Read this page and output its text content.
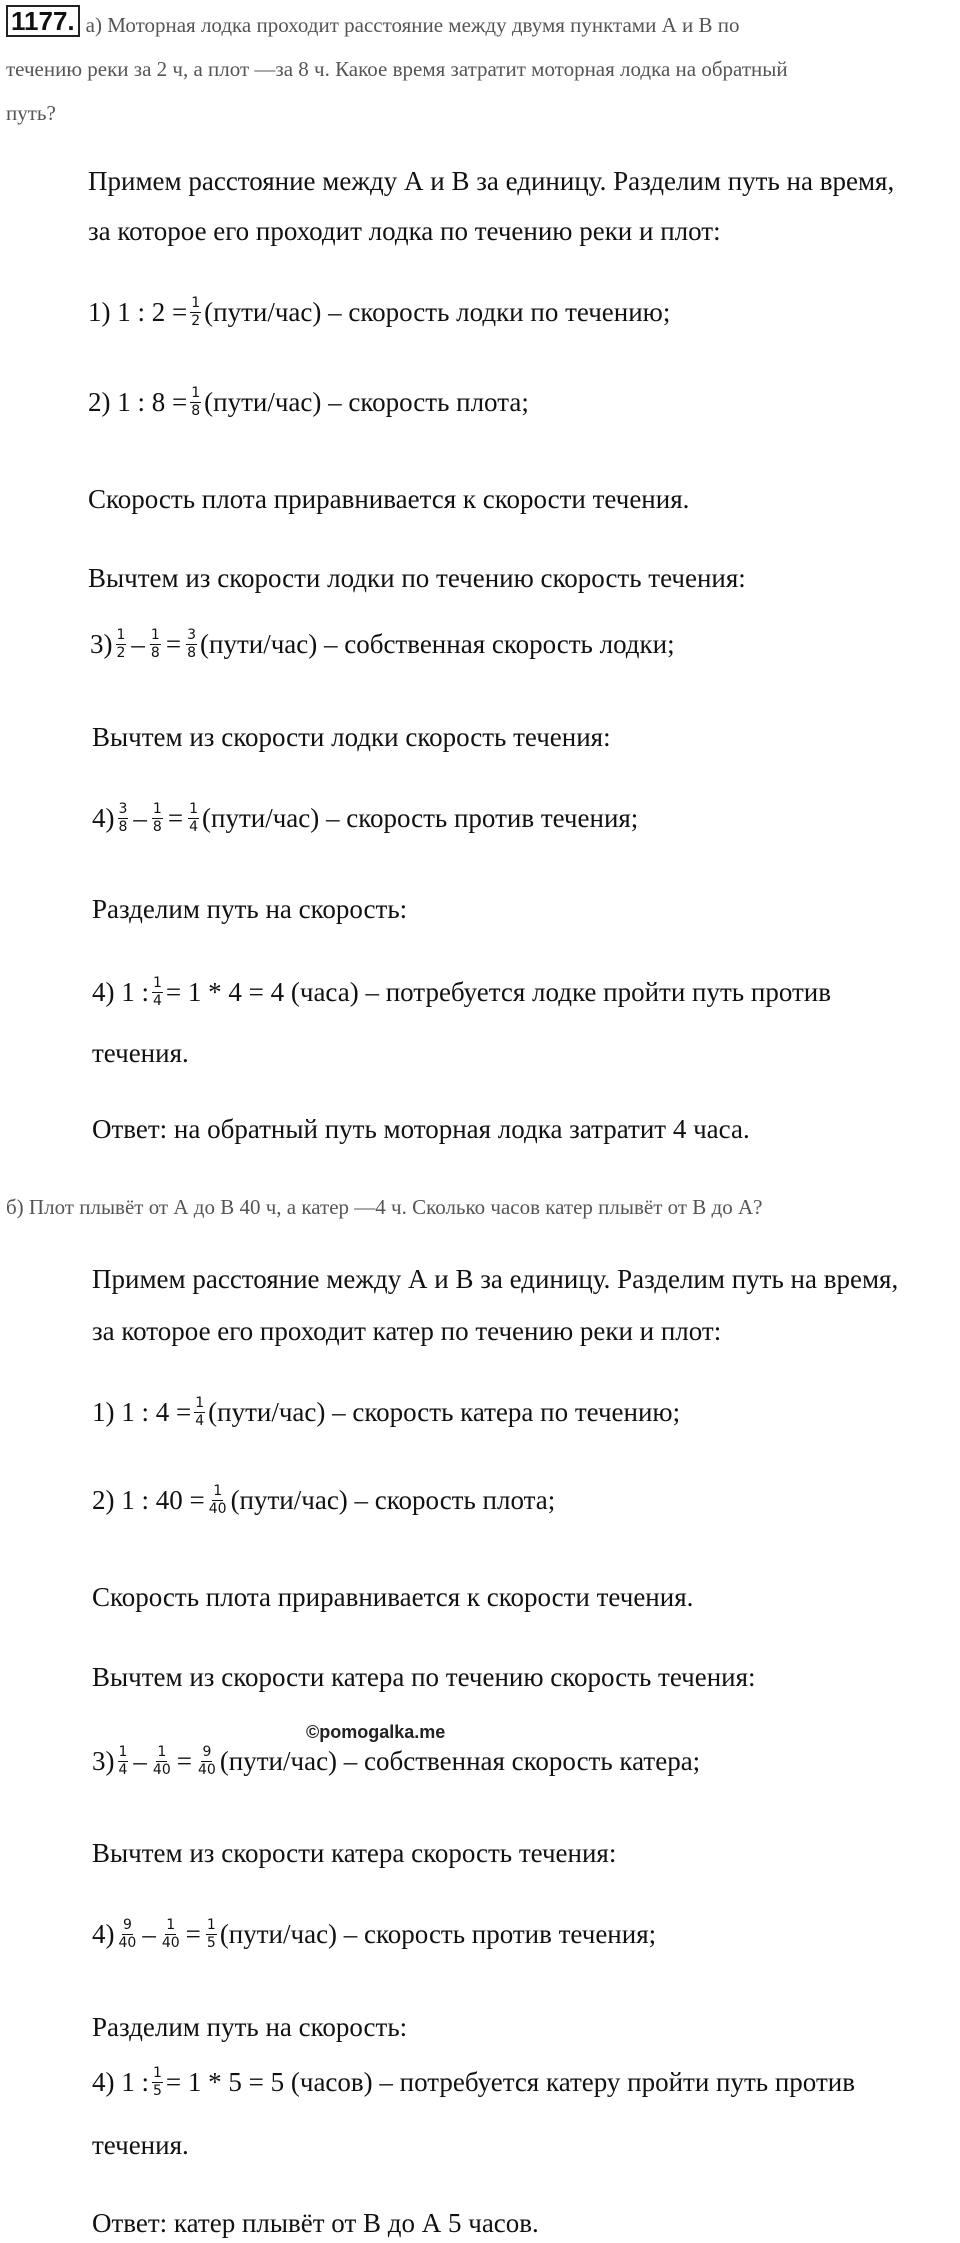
1177. а) Моторная лодка проходит расстояние между двумя пунктами А и В по
течению реки за 2 ч, а плот —за 8 ч. Какое время затратит моторная лодка на обратный
путь?
Примем расстояние между А и В за единицу. Разделим путь на время,
за которое его проходит лодка по течению реки и плот:
1) 1 : $2 = \frac{1}{2}$ (пути/час) – скорость лодки по течению;
2) 1 : $8 = \frac{1}{8}$ (пути/час) – скорость плота;
Скорость плота приравнивается к скорости течения.
Вычтем из скорости лодки по течению скорость течения:
$3) \frac{1}{2} - \frac{1}{8} = \frac{3}{8}$ (пути/час) – собственная скорость лодки;
Вычтем из скорости лодки скорость течения:
$4) \frac{3}{8} - \frac{1}{8} = \frac{1}{4}$ (пути/час) – скорость против течения;
Разделим путь на скорость:
4) 1 : $\frac{1}{4} = 1 * 4 = 4$ (часа) – потребуется лодке пройти путь против
течения.
Ответ: на обратный путь моторная лодка затратит 4 часа.
б) Плот плывёт от А до В 40 ч, а катер —4 ч. Сколько часов катер плывёт от В до А?
Примем расстояние между А и В за единицу. Разделим путь на время,
за которое его проходит катер по течению реки и плот:
1) 1 : $4 = \frac{1}{4}$ (пути/час) – скорость катера по течению;
2) 1 : $40 = \frac{1}{40}$ (пути/час) – скорость плота;
Скорость плота приравнивается к скорости течения.
Вычтем из скорости катера по течению скорость течения:
©pomogalka.me
$3) \frac{1}{4} - \frac{1}{40} = \frac{9}{40}$ (пути/час) – собственная скорость катера;
Вычтем из скорости катера скорость течения:
$4) \frac{9}{40} - \frac{1}{40} = \frac{1}{5}$ (пути/час) – скорость против течения;
Разделим путь на скорость:
4) 1 : $\frac{1}{5} = 1 * 5 = 5$ (часов) – потребуется катеру пройти путь против
течения.
Ответ: катер плывёт от В до А 5 часов.
